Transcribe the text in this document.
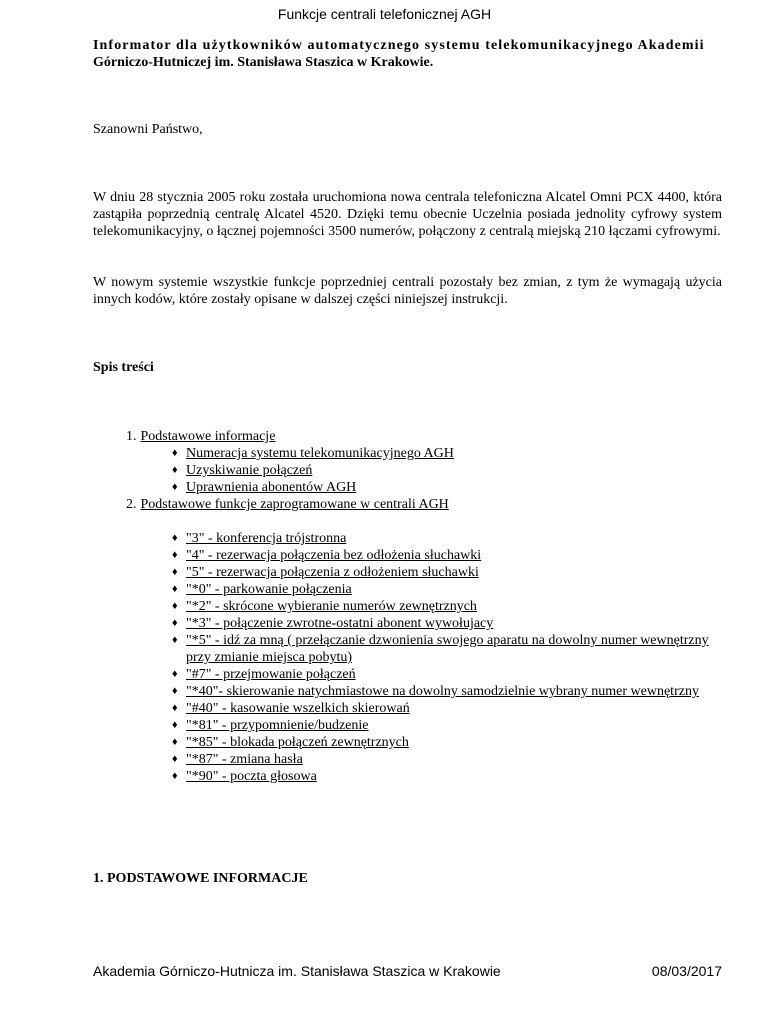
Funkcje centrali telefonicznej AGH
Informator dla użytkowników automatycznego systemu telekomunikacyjnego Akademii
Górniczo-Hutniczej im. Stanisława Staszica w Krakowie.

Szanowni Państwo,

W dniu 28 stycznia 2005 roku została uruchomiona nowa centrala telefoniczna Alcatel Omni PCX 4400, która zastąpiła poprzednią centralę Alcatel 4520. Dzięki temu obecnie Uczelnia posiada jednolity cyfrowy system telekomunikacyjny, o łącznej pojemności 3500 numerów, połączony z centralą miejską 210 łączami cyfrowymi.

W nowym systemie wszystkie funkcje poprzedniej centrali pozostały bez zmian, z tym że wymagają użycia innych kodów, które zostały opisane w dalszej części niniejszej instrukcji.

Spis treści
1. Podstawowe informacje
♦ Numeracja systemu telekomunikacyjnego AGH
♦ Uzyskiwanie połączeń
♦ Uprawnienia abonentów AGH
2. Podstawowe funkcje zaprogramowane w centrali AGH
♦ "3" - konferencja trójstronna
♦ "4" - rezerwacja połączenia bez odłożenia słuchawki
♦ "5" - rezerwacja połączenia z odłożeniem słuchawki
♦ "*0" - parkowanie połączenia
♦ "*2" - skrócone wybieranie numerów zewnętrznych
♦ "*3" - połączenie zwrotne-ostatni abonent wywołujacy
♦ "*5" - idź za mną ( przełączanie dzwonienia swojego aparatu na dowolny numer wewnętrzny przy zmianie miejsca pobytu)
♦ "#7" - przejmowanie połączeń
♦ "*40"- skierowanie natychmiastowe na dowolny samodzielnie wybrany numer wewnętrzny
♦ "#40" - kasowanie wszelkich skierowań
♦ "*81" - przypomnienie/budzenie
♦ "*85" - blokada połączeń zewnętrznych
♦ "*87" - zmiana hasła
♦ "*90" - poczta głosowa
1. PODSTAWOWE INFORMACJE
Akademia Górniczo-Hutnicza im. Stanisława Staszica w Krakowie	08/03/2017
